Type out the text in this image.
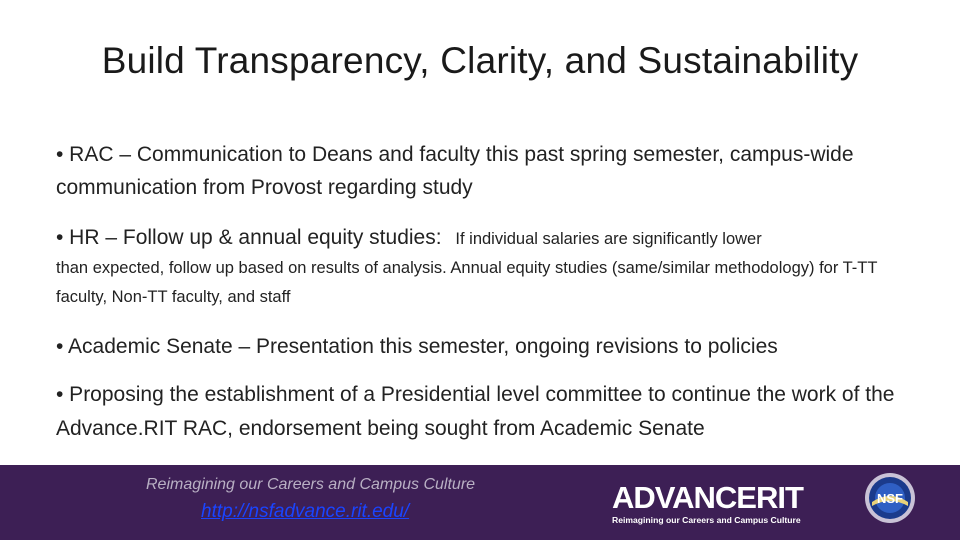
Build Transparency, Clarity, and Sustainability

• RAC – Communication to Deans and faculty this past spring semester, campus-wide communication from Provost regarding study

• HR – Follow up & annual equity studies: If individual salaries are significantly lower

than expected, follow up based on results of analysis. Annual equity studies (same/similar methodology) for T-TT faculty, Non-TT faculty, and staff

• Academic Senate – Presentation this semester, ongoing revisions to policies

• Proposing the establishment of a Presidential level committee to continue the work of the Advance.RIT RAC, endorsement being sought from Academic Senate

Reimagining our Careers and Campus Culture
http://nsfadvance.rit.edu/	ADVANCERIT
Reimagining our Careers and Campus Culture
NSF
